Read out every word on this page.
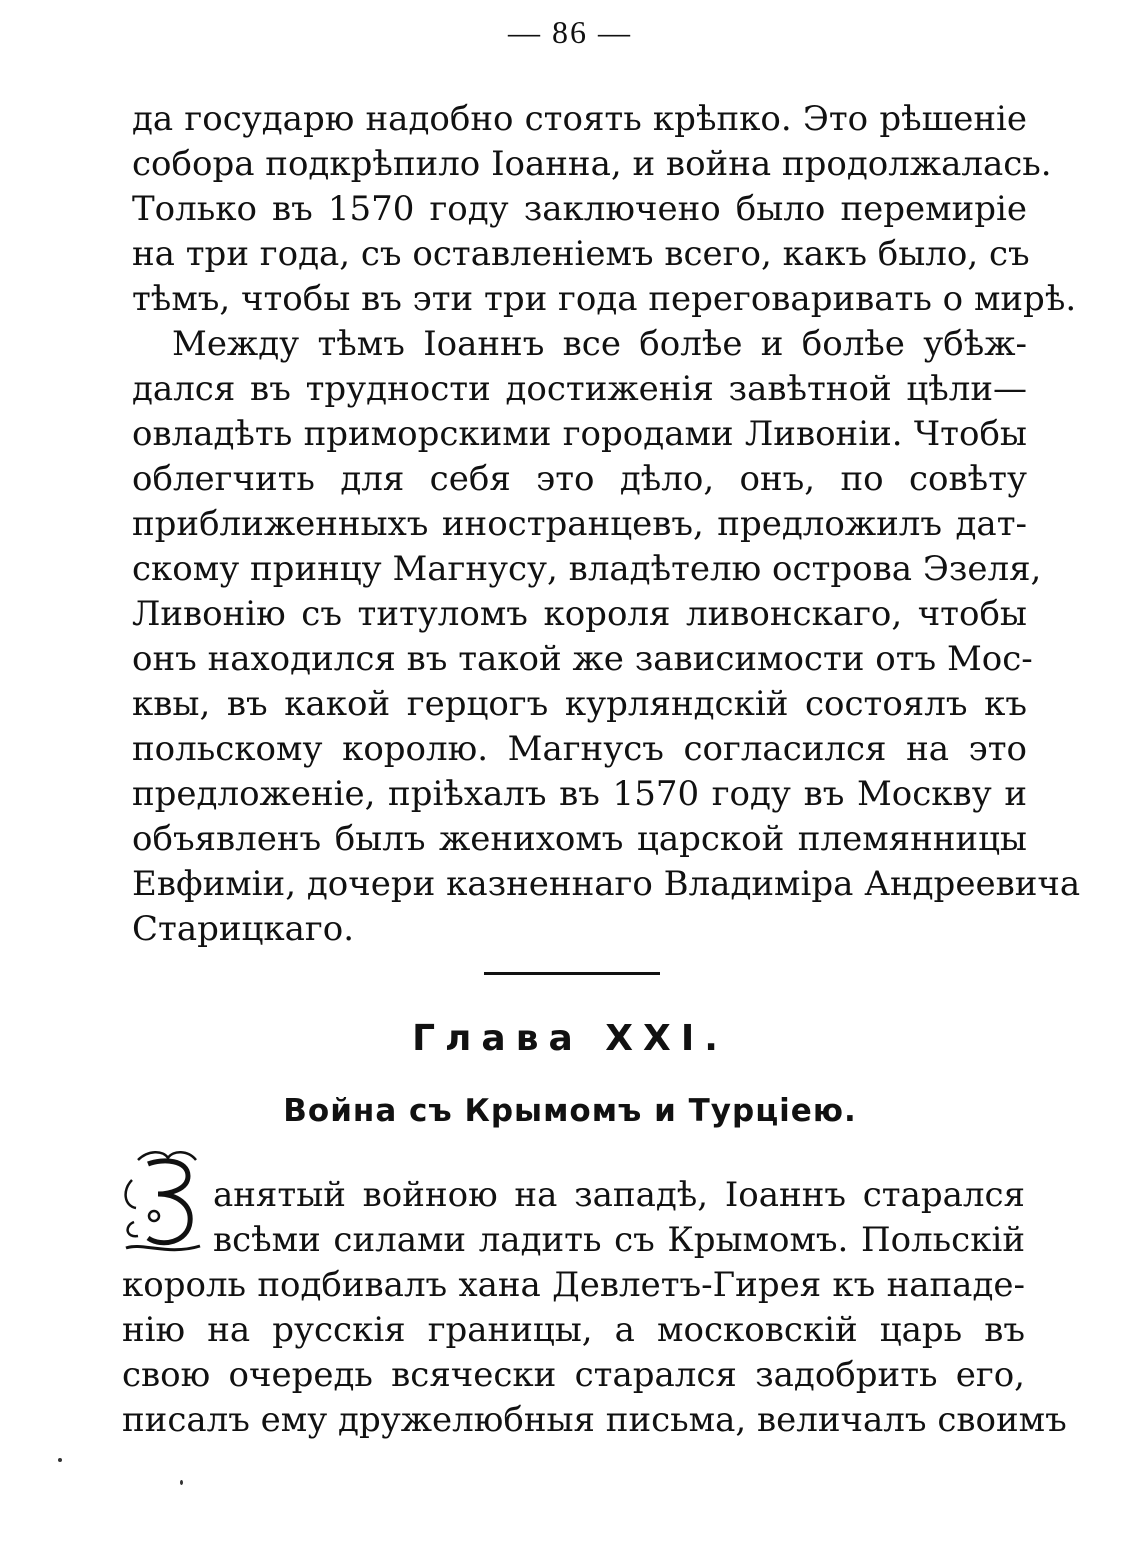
— 86 —
да государю надобно стоять крѣпко. Это рѣшеніе
собора подкрѣпило Іоанна, и война продолжалась.
Только въ 1570 году заключено было перемиріе
на три года, съ оставленіемъ всего, какъ было, съ
тѣмъ, чтобы въ эти три года переговаривать о мирѣ.
Между тѣмъ Іоаннъ все болѣе и болѣе убѣж-
дался въ трудности достиженія завѣтной цѣли—
овладѣть приморскими городами Ливоніи. Чтобы
облегчить для себя это дѣло, онъ, по совѣту
приближенныхъ иностранцевъ, предложилъ дат-
скому принцу Магнусу, владѣтелю острова Эзеля,
Ливонію съ титуломъ короля ливонскаго, чтобы
онъ находился въ такой же зависимости отъ Мос-
квы, въ какой герцогъ курляндскій состоялъ къ
польскому королю. Магнусъ согласился на это
предложеніе, пріѣхалъ въ 1570 году въ Москву и
объявленъ былъ женихомъ царской племянницы
Евфиміи, дочери казненнаго Владиміра Андреевича
Старицкаго.
Глава XXI.
Война съ Крымомъ и Турціею.
анятый войною на западѣ, Іоаннъ старался
всѣми силами ладить съ Крымомъ. Польскій
король подбивалъ хана Девлетъ-Гирея къ нападе-
нію на русскія границы, а московскій царь въ
свою очередь всячески старался задобрить его,
писалъ ему дружелюбныя письма, величалъ своимъ
